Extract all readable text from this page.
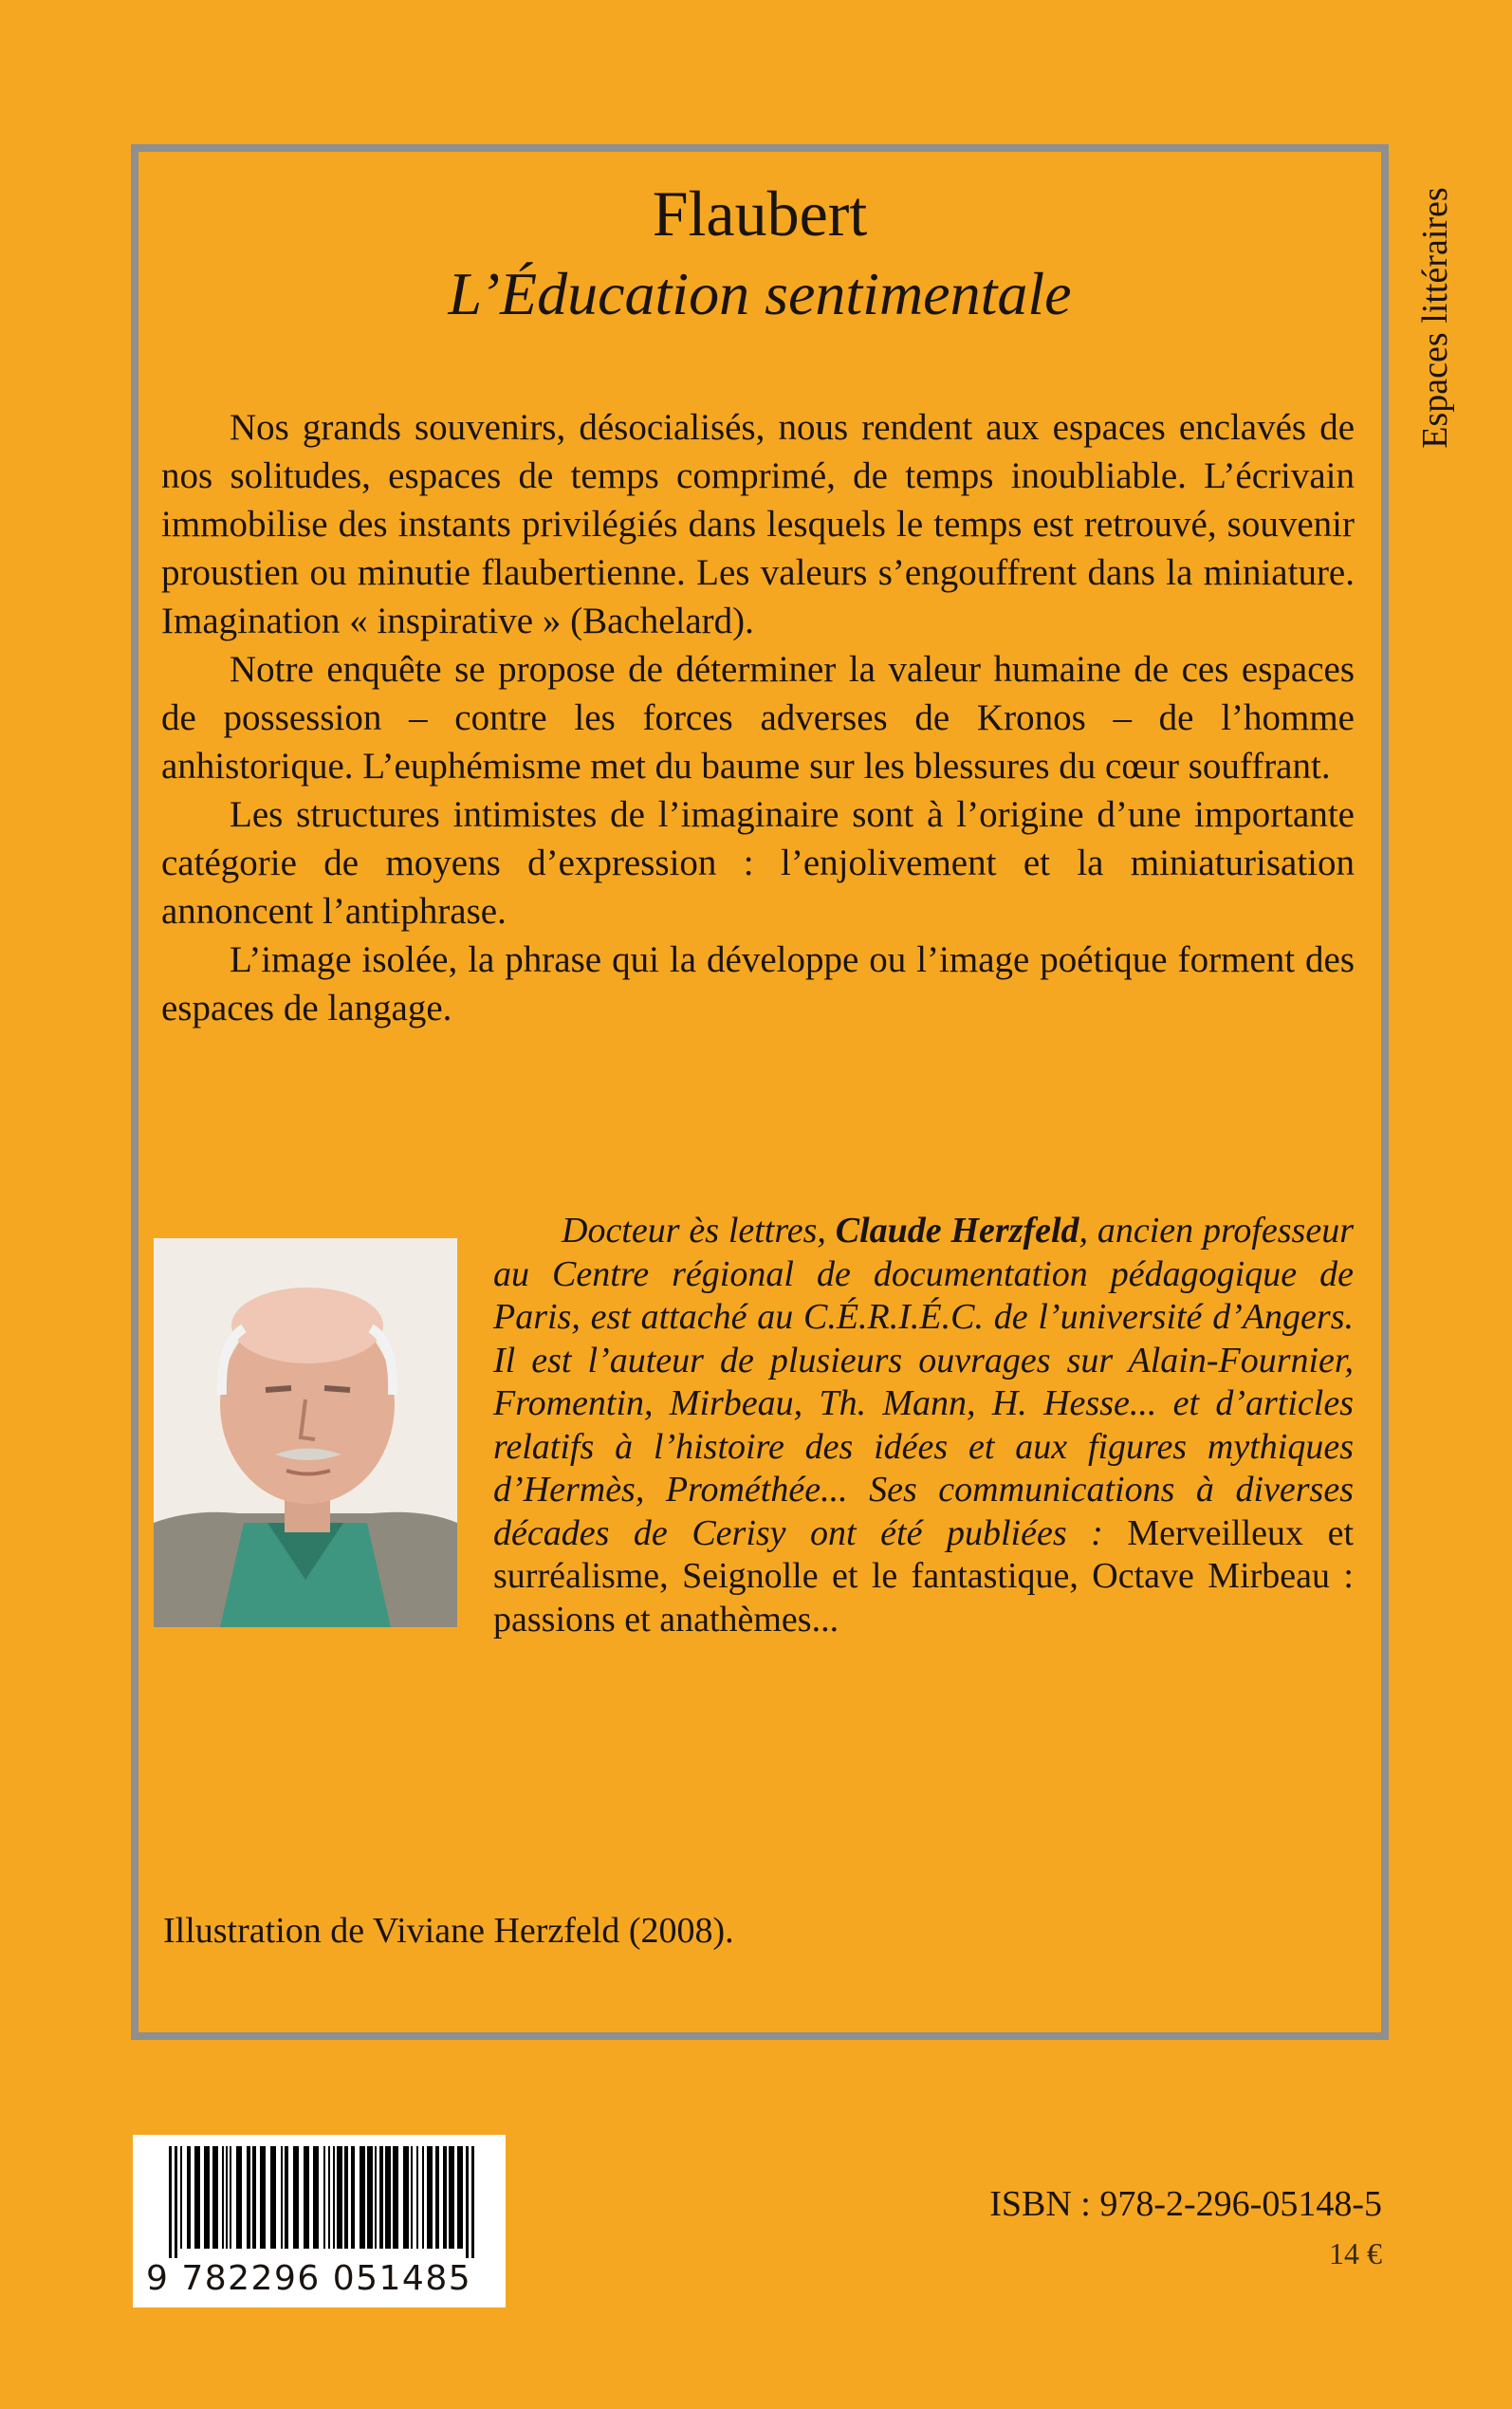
Espaces littéraires
Flaubert
L’Éducation sentimentale

Nos grands souvenirs, désocialisés, nous rendent aux espaces enclavés de nos solitudes, espaces de temps comprimé, de temps inoubliable. L’écrivain immobilise des instants privilégiés dans lesquels le temps est retrouvé, souvenir proustien ou minutie flaubertienne. Les valeurs s’engouffrent dans la miniature. Imagination « inspirative » (Bachelard).

Notre enquête se propose de déterminer la valeur humaine de ces espaces de possession – contre les forces adverses de Kronos – de l’homme anhistorique. L’euphémisme met du baume sur les blessures du cœur souffrant.

Les structures intimistes de l’imaginaire sont à l’origine d’une importante catégorie de moyens d’expression : l’enjolivement et la miniaturisation annoncent l’antiphrase.

L’image isolée, la phrase qui la développe ou l’image poétique forment des espaces de langage.

Docteur ès lettres, Claude Herzfeld, ancien professeur au Centre régional de documentation pédagogique de Paris, est attaché au C.É.R.I.É.C. de l’université d’Angers. Il est l’auteur de plusieurs ouvrages sur Alain-Fournier, Fromentin, Mirbeau, Th. Mann, H. Hesse... et d’articles relatifs à l’histoire des idées et aux figures mythiques d’Hermès, Prométhée... Ses communications à diverses décades de Cerisy ont été publiées : Merveilleux et surréalisme, Seignolle et le fantastique, Octave Mirbeau : passions et anathèmes...

Illustration de Viviane Herzfeld (2008).
9 782296 051485
ISBN : 978-2-296-05148-5
14 €
